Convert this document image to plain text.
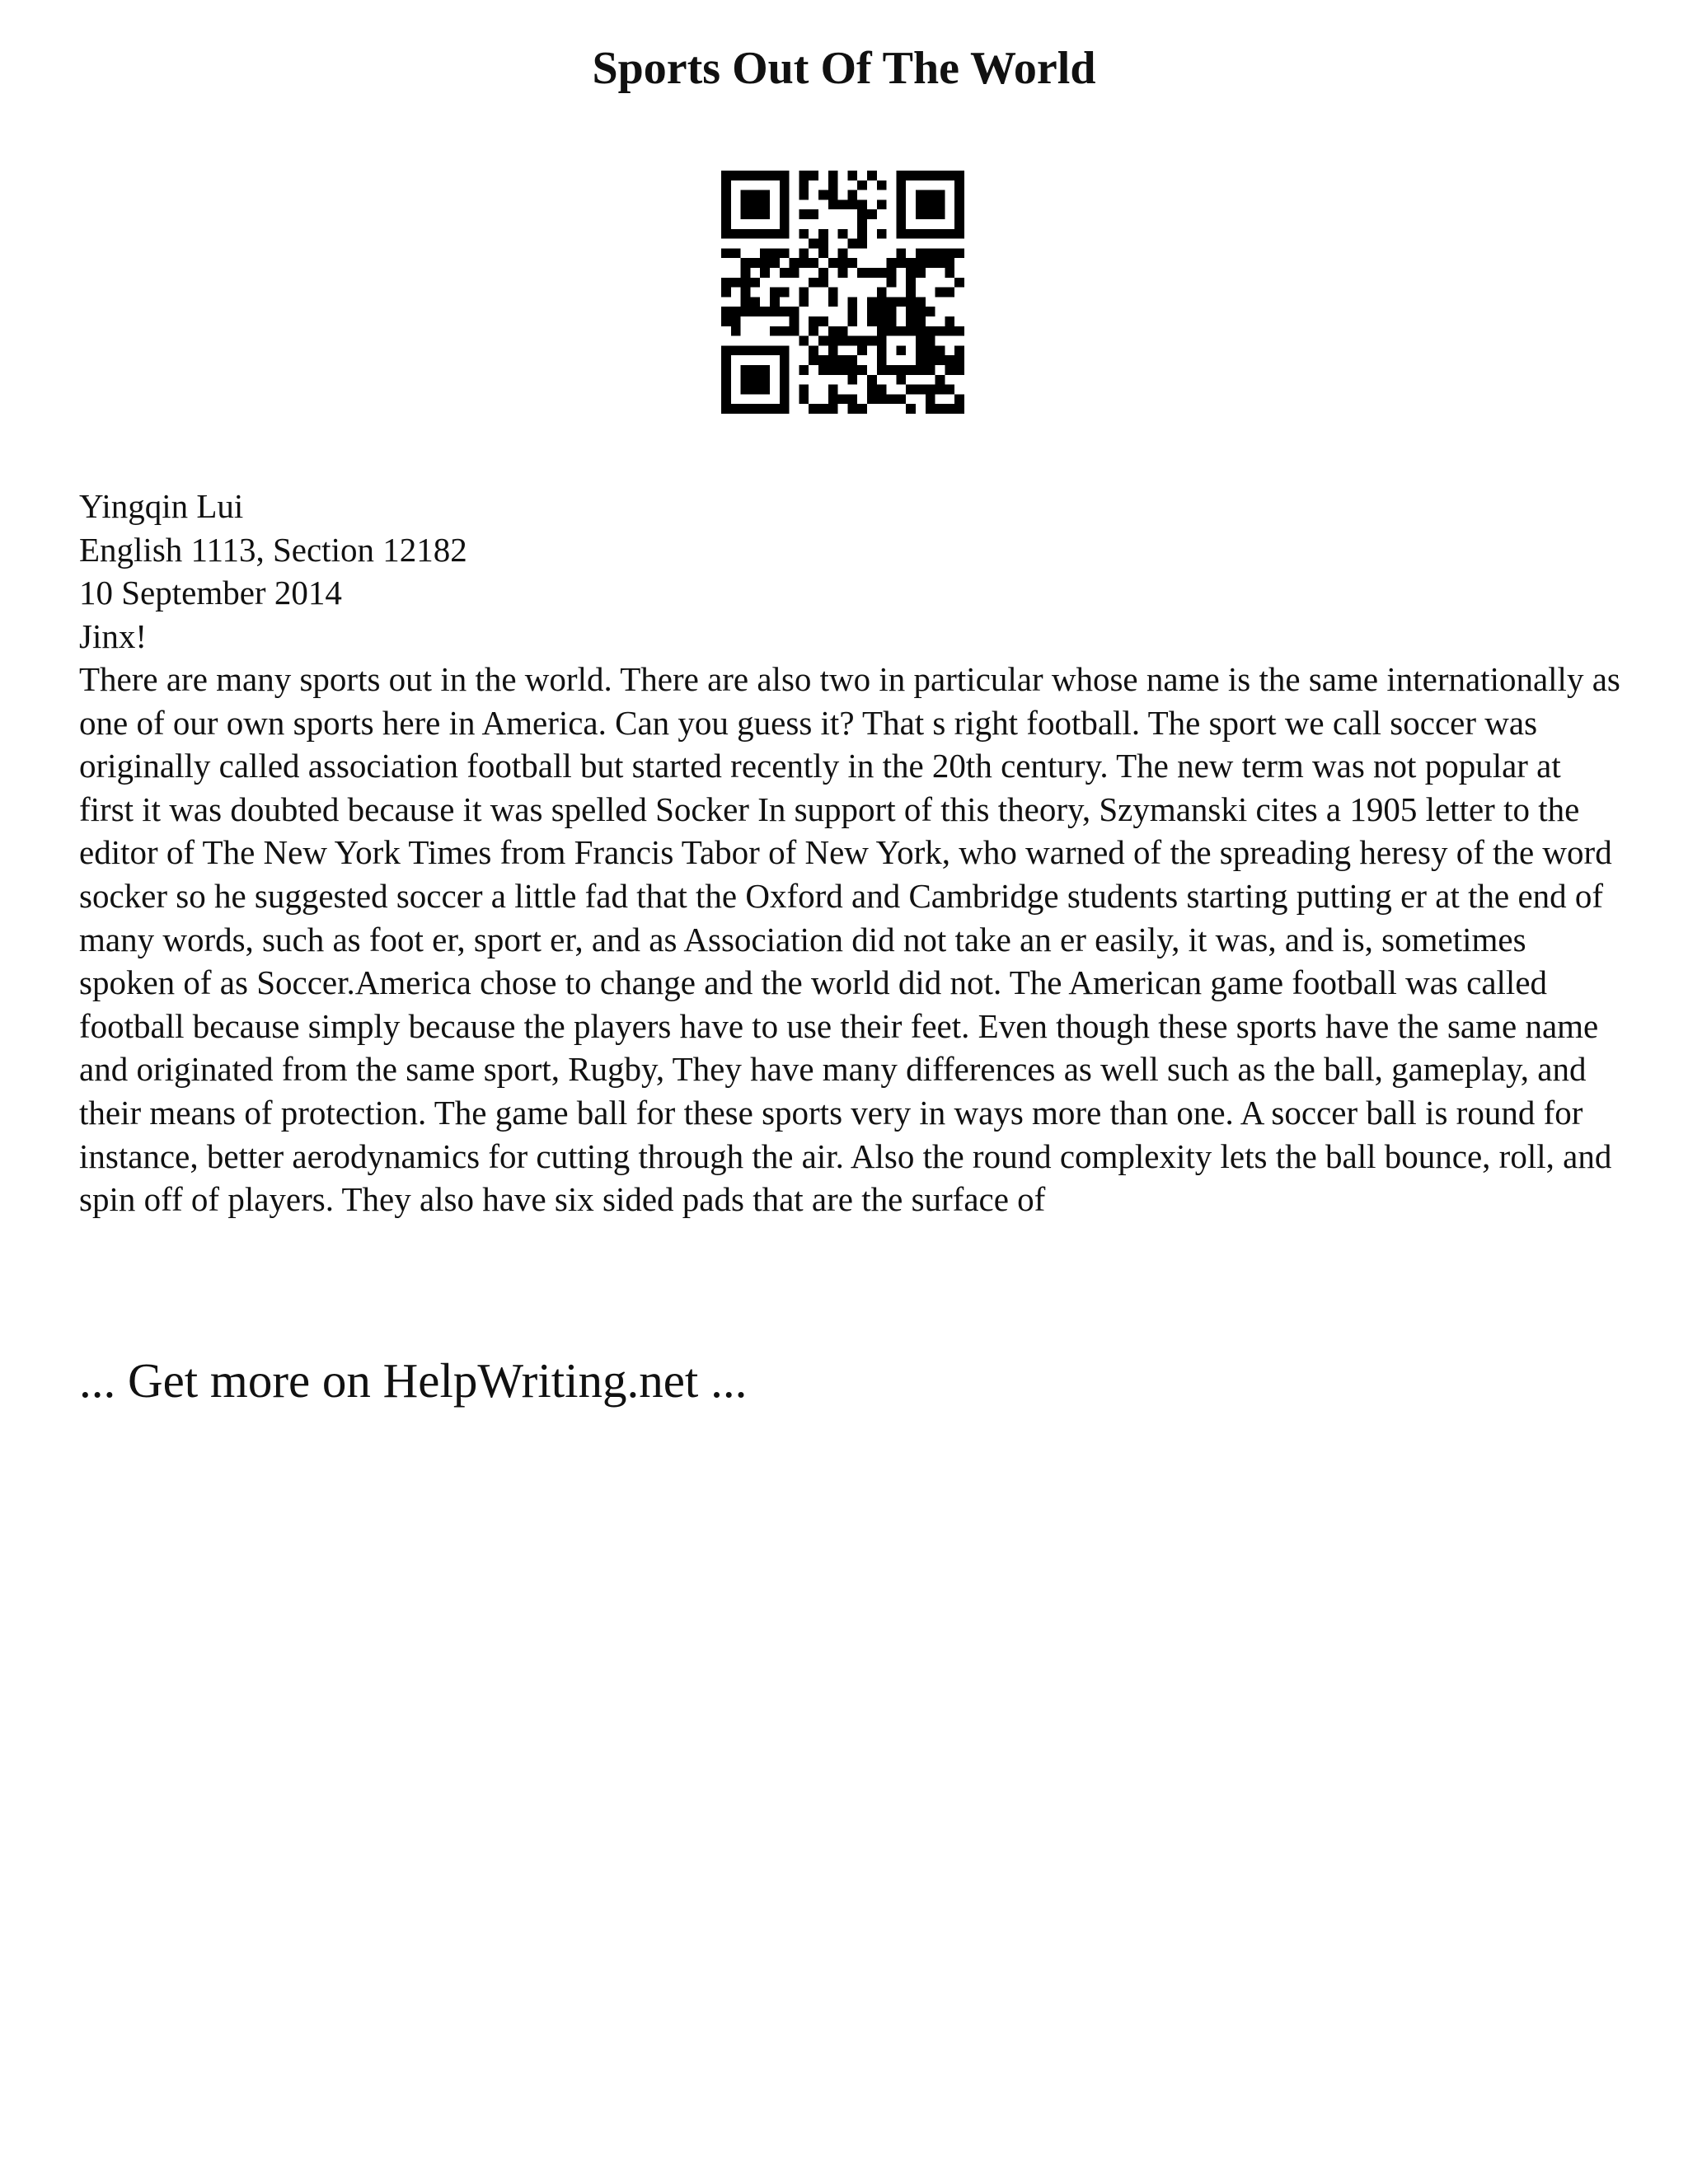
Sports Out Of The World
Yingqin Lui
English 1113, Section 12182
10 September 2014
Jinx!

There are many sports out in the world. There are also two in particular whose name is the same internationally as one of our own sports here in America. Can you guess it? That s right football. The sport we call soccer was originally called association football but started recently in the 20th century. The new term was not popular at first it was doubted because it was spelled Socker In support of this theory, Szymanski cites a 1905 letter to the editor of The New York Times from Francis Tabor of New York, who warned of the spreading heresy of the word socker so he suggested soccer a little fad that the Oxford and Cambridge students starting putting er at the end of many words, such as foot er, sport er, and as Association did not take an er easily, it was, and is, sometimes spoken of as Soccer.America chose to change and the world did not. The American game football was called football because simply because the players have to use their feet. Even though these sports have the same name and originated from the same sport, Rugby, They have many differences as well such as the ball, gameplay, and their means of protection. The game ball for these sports very in ways more than one. A soccer ball is round for instance, better aerodynamics for cutting through the air. Also the round complexity lets the ball bounce, roll, and spin off of players. They also have six sided pads that are the surface of

... Get more on HelpWriting.net ...
